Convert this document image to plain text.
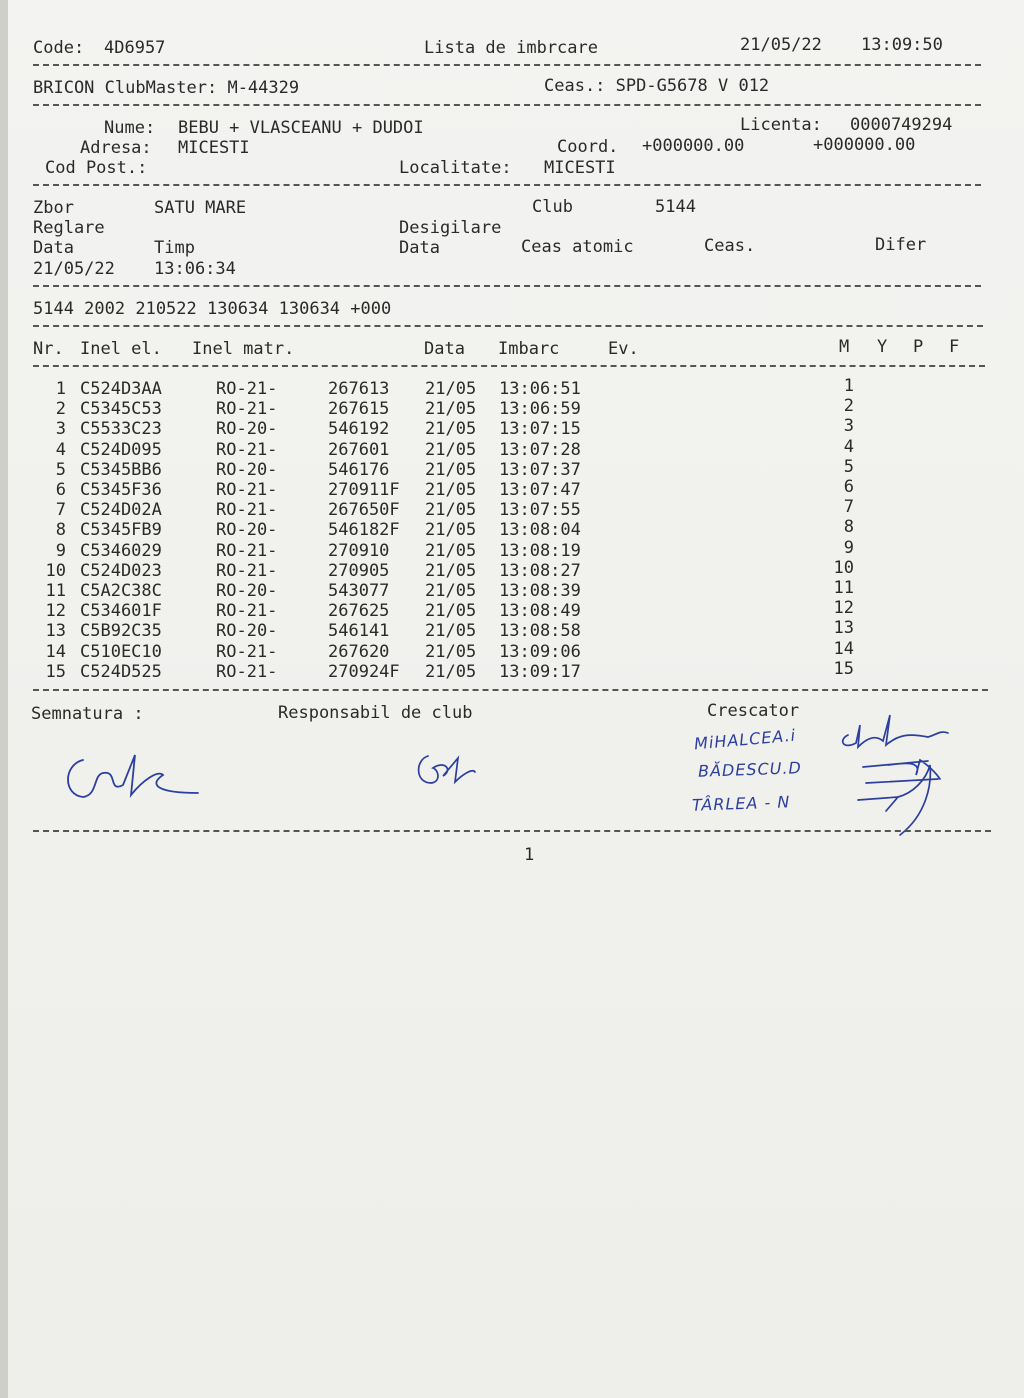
Code: 4D6957	Lista de imbrcare	21/05/22 13:09:50
BRICON ClubMaster: M-44329	Ceas.: SPD-G5678 V 012
Nume: BEBU + VLASCEANU + DUDOI	Licenta: 0000749294
Adresa: MICESTI	Coord. +000000.00	+000000.00
Cod Post.:	Localitate: MICESTI
Zbor	SATU MARE	Club	5144
Reglare	Desigilare
Data	Timp	Data	Ceas atomic	Ceas.	Difer
21/05/22 13:06:34
5144 2002 210522 130634 130634 +000
Nr. Inel el. Inel matr.	Data Imbarc	Ev.	M Y P F
1 C524D3AA	RO-21-	267613 21/05 13:06:51	1
2 C5345C53	RO-21-	267615 21/05 13:06:59	2
3 C5533C23	RO-20-	546192 21/05 13:07:15	3
4 C524D095	RO-21-	267601 21/05 13:07:28	4
5 C5345BB6	RO-20-	546176 21/05 13:07:37	5
6 C5345F36	RO-21-	270911F 21/05 13:07:47	6
7 C524D02A	RO-21-	267650F 21/05 13:07:55	7
8 C5345FB9	RO-20-	546182F 21/05 13:08:04	8
9 C5346029	RO-21-	270910 21/05 13:08:19	9
10 C524D023	RO-21-	270905 21/05 13:08:27	10
11 C5A2C38C	RO-20-	543077 21/05 13:08:39	11
12 C534601F	RO-21-	267625 21/05 13:08:49	12
13 C5B92C35	RO-20-	546141 21/05 13:08:58	13
14 C510EC10	RO-21-	267620 21/05 13:09:06	14
15 C524D525	RO-21-	270924F 21/05 13:09:17	15
Semnatura :	Responsabil de club	Crescator
MiHALCEA.i
BĂDESCU.D
TÂRLEA - N
1
